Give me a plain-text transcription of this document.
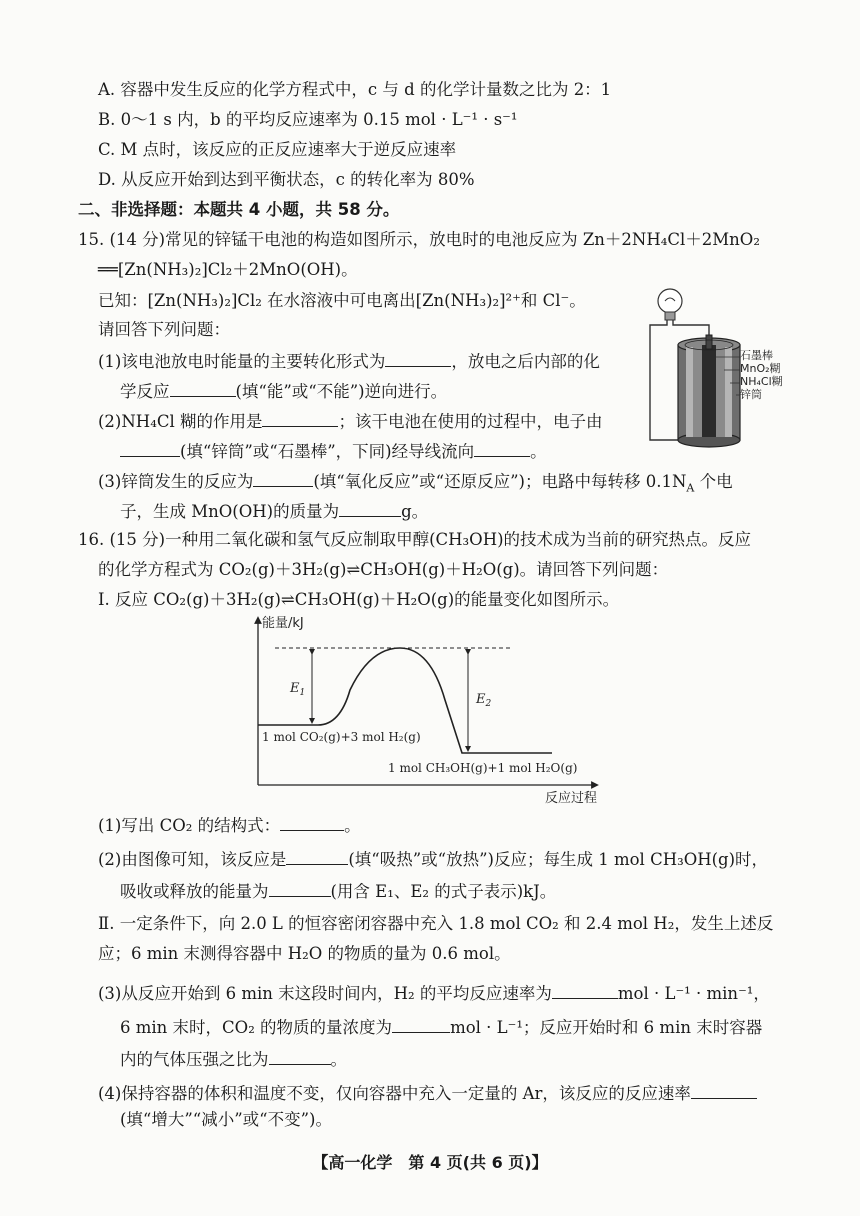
A. 容器中发生反应的化学方程式中，c 与 d 的化学计量数之比为 2：1
B. 0～1 s 内，b 的平均反应速率为 0.15 mol · L⁻¹ · s⁻¹
C. M 点时，该反应的正反应速率大于逆反应速率
D. 从反应开始到达到平衡状态，c 的转化率为 80%
二、非选择题：本题共 4 小题，共 58 分。
15. (14 分)常见的锌锰干电池的构造如图所示，放电时的电池反应为 Zn＋2NH₄Cl＋2MnO₂
══[Zn(NH₃)₂]Cl₂＋2MnO(OH)。
已知：[Zn(NH₃)₂]Cl₂ 在水溶液中可电离出[Zn(NH₃)₂]²⁺和 Cl⁻。
请回答下列问题：
(1)该电池放电时能量的主要转化形式为	，放电之后内部的化
学反应	(填“能”或“不能”)逆向进行。
(2)NH₄Cl 糊的作用是	；该干电池在使用的过程中，电子由
(填“锌筒”或“石墨棒”，下同)经导线流向	。
(3)锌筒发生的反应为	(填“氧化反应”或“还原反应”)；电路中每转移 $0.1N_A$ 个电
子，生成 MnO(OH)的质量为	g。
石墨棒
MnO₂糊
NH₄Cl糊
锌筒
16. (15 分)一种用二氧化碳和氢气反应制取甲醇(CH₃OH)的技术成为当前的研究热点。反应
的化学方程式为 CO₂(g)＋3H₂(g)⇌CH₃OH(g)＋H₂O(g)。请回答下列问题：
Ⅰ. 反应 CO₂(g)＋3H₂(g)⇌CH₃OH(g)＋H₂O(g)的能量变化如图所示。
能量/kJ
反应过程
$E_1$	$E_2$
1 mol CO₂(g)+3 mol H₂(g)
1 mol CH₃OH(g)+1 mol H₂O(g)
(1)写出 CO₂ 的结构式：	。
(2)由图像可知，该反应是	(填“吸热”或“放热”)反应；每生成 1 mol CH₃OH(g)时，
吸收或释放的能量为	(用含 E₁、E₂ 的式子表示)kJ。
Ⅱ. 一定条件下，向 2.0 L 的恒容密闭容器中充入 1.8 mol CO₂ 和 2.4 mol H₂，发生上述反
应；6 min 末测得容器中 H₂O 的物质的量为 0.6 mol。
(3)从反应开始到 6 min 末这段时间内，H₂ 的平均反应速率为	mol · L⁻¹ · min⁻¹，
6 min 末时，CO₂ 的物质的量浓度为	mol · L⁻¹；反应开始时和 6 min 末时容器
内的气体压强之比为	。
(4)保持容器的体积和温度不变，仅向容器中充入一定量的 Ar，该反应的反应速率
(填“增大”“减小”或“不变”)。
【高一化学　第 4 页(共 6 页)】
